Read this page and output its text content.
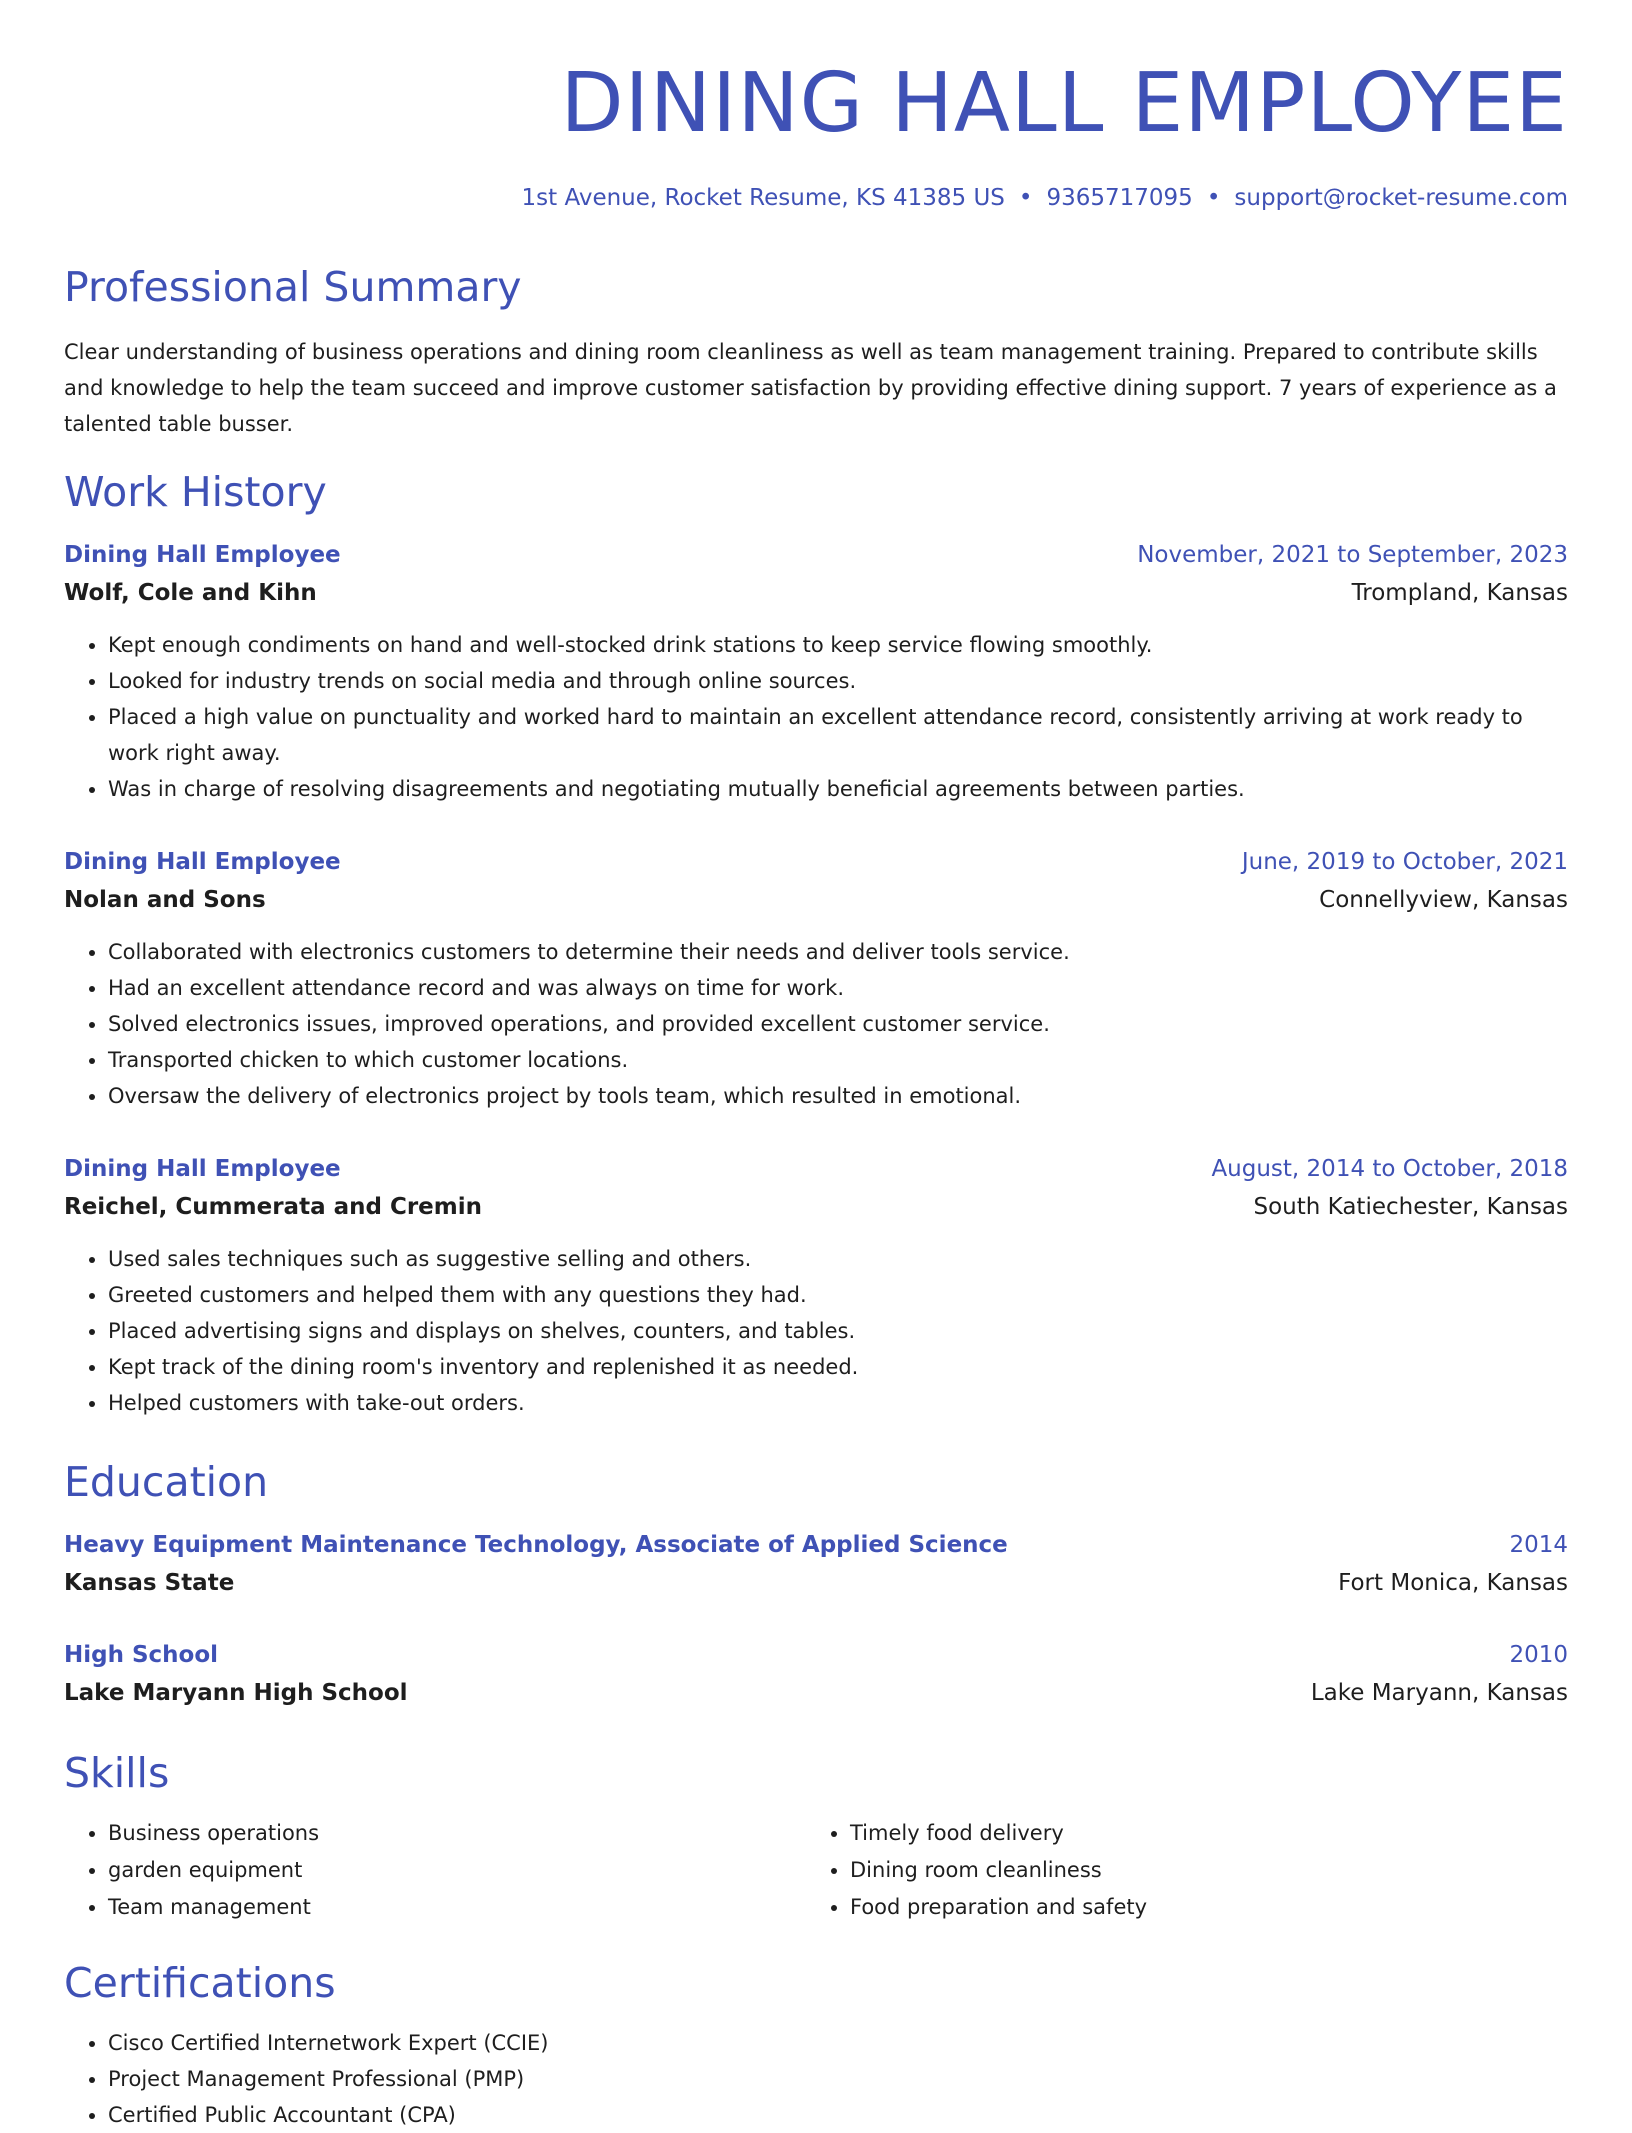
DINING HALL EMPLOYEE
1st Avenue, Rocket Resume, KS 41385 US • 9365717095 • support@rocket-resume.com
Professional Summary

Clear understanding of business operations and dining room cleanliness as well as team management training. Prepared to contribute skills and knowledge to help the team succeed and improve customer satisfaction by providing effective dining support. 7 years of experience as a talented table busser.

Work History
Dining Hall Employee	November, 2021 to September, 2023
Wolf, Cole and Kihn	Trompland, Kansas
• Kept enough condiments on hand and well-stocked drink stations to keep service flowing smoothly.
• Looked for industry trends on social media and through online sources.
• Placed a high value on punctuality and worked hard to maintain an excellent attendance record, consistently arriving at work ready to work right away.
• Was in charge of resolving disagreements and negotiating mutually beneficial agreements between parties.
Dining Hall Employee	June, 2019 to October, 2021
Nolan and Sons	Connellyview, Kansas
• Collaborated with electronics customers to determine their needs and deliver tools service.
• Had an excellent attendance record and was always on time for work.
• Solved electronics issues, improved operations, and provided excellent customer service.
• Transported chicken to which customer locations.
• Oversaw the delivery of electronics project by tools team, which resulted in emotional.
Dining Hall Employee	August, 2014 to October, 2018
Reichel, Cummerata and Cremin	South Katiechester, Kansas
• Used sales techniques such as suggestive selling and others.
• Greeted customers and helped them with any questions they had.
• Placed advertising signs and displays on shelves, counters, and tables.
• Kept track of the dining room's inventory and replenished it as needed.
• Helped customers with take-out orders.
Education
Heavy Equipment Maintenance Technology, Associate of Applied Science	2014
Kansas State	Fort Monica, Kansas
High School	2010
Lake Maryann High School	Lake Maryann, Kansas
Skills
• Business operations
• garden equipment
• Team management
• Timely food delivery
• Dining room cleanliness
• Food preparation and safety
Certifications
• Cisco Certified Internetwork Expert (CCIE)
• Project Management Professional (PMP)
• Certified Public Accountant (CPA)
